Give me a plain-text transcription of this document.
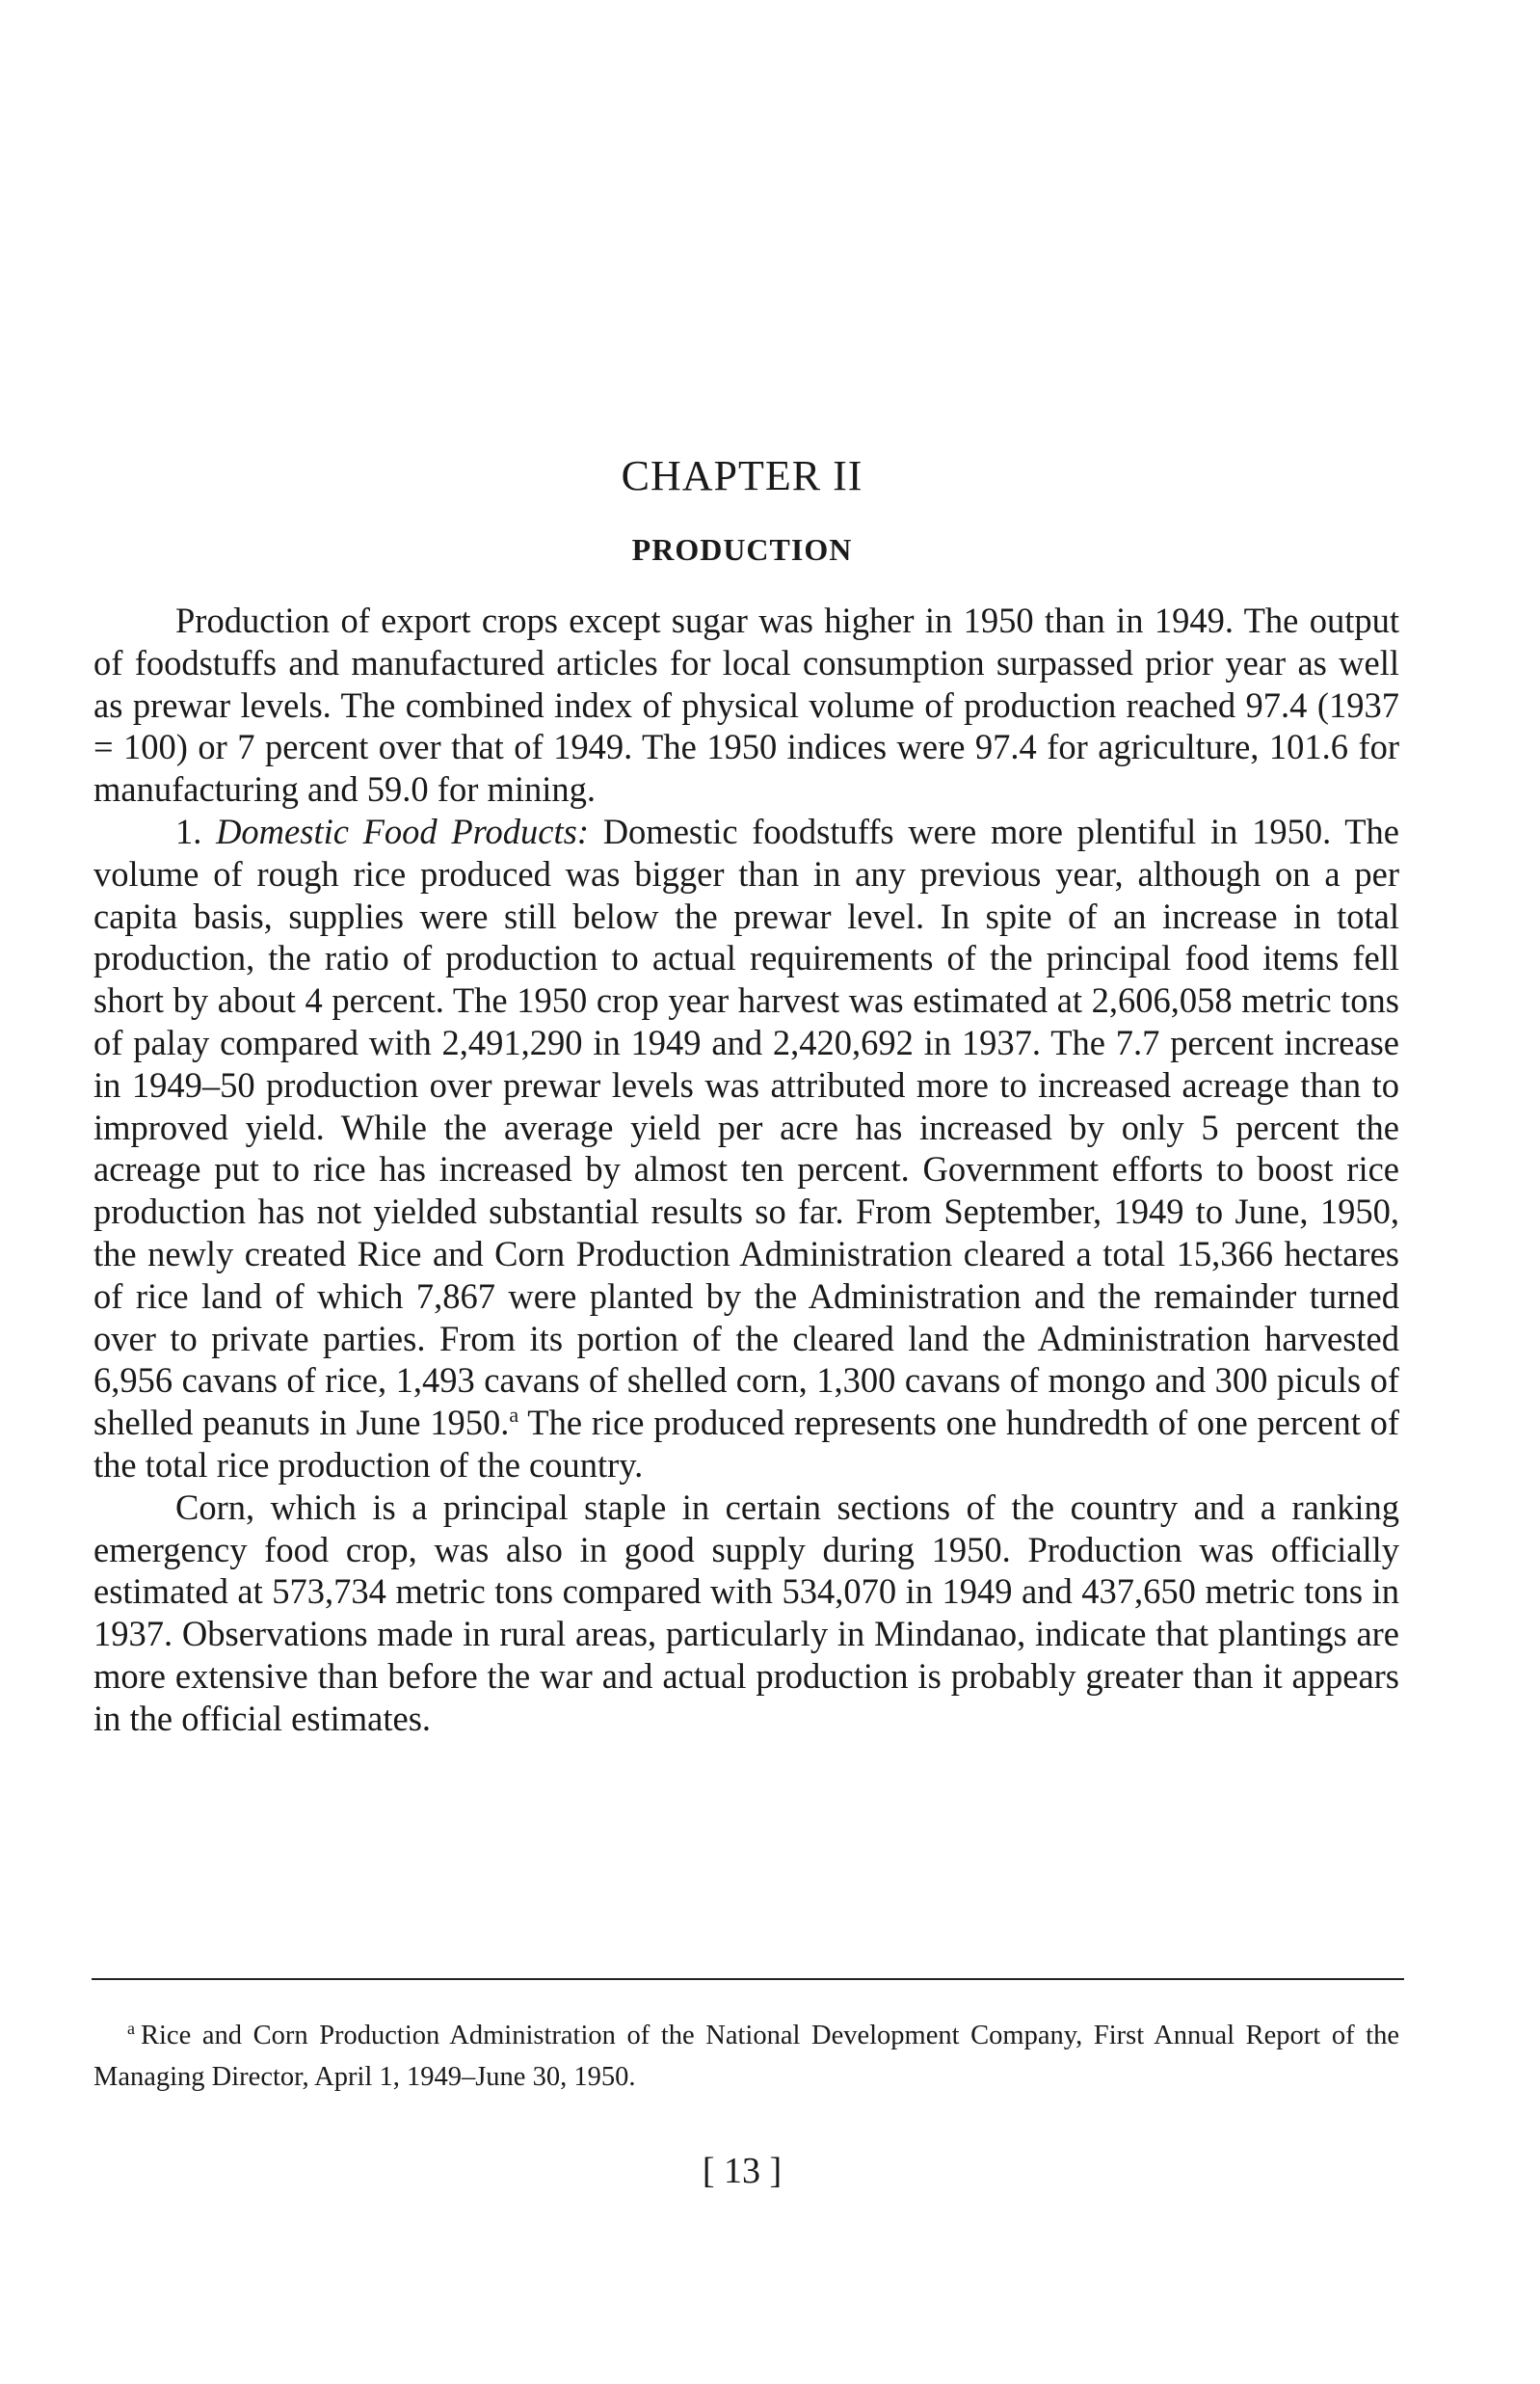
CHAPTER II
PRODUCTION

Production of export crops except sugar was higher in 1950 than in 1949. The output of foodstuffs and manufactured articles for local consumption surpassed prior year as well as prewar levels. The combined index of physical volume of production reached 97.4 (1937 = 100) or 7 percent over that of 1949. The 1950 indices were 97.4 for agriculture, 101.6 for manufacturing and 59.0 for mining.

1. Domestic Food Products: Domestic foodstuffs were more plentiful in 1950. The volume of rough rice produced was bigger than in any previous year, although on a per capita basis, supplies were still below the prewar level. In spite of an increase in total production, the ratio of production to actual requirements of the principal food items fell short by about 4 percent. The 1950 crop year harvest was estimated at 2,606,058 metric tons of palay compared with 2,491,290 in 1949 and 2,420,692 in 1937. The 7.7 percent increase in 1949–50 production over prewar levels was attributed more to increased acreage than to improved yield. While the average yield per acre has increased by only 5 percent the acreage put to rice has increased by almost ten percent. Government efforts to boost rice production has not yielded substantial results so far. From September, 1949 to June, 1950, the newly created Rice and Corn Production Administration cleared a total 15,366 hectares of rice land of which 7,867 were planted by the Administration and the remainder turned over to private parties. From its portion of the cleared land the Administration harvested 6,956 cavans of rice, 1,493 cavans of shelled corn, 1,300 cavans of mongo and 300 piculs of shelled peanuts in June 1950.$^a$ The rice produced represents one hundredth of one percent of the total rice production of the country.

Corn, which is a principal staple in certain sections of the country and a ranking emergency food crop, was also in good supply during 1950. Production was officially estimated at 573,734 metric tons compared with 534,070 in 1949 and 437,650 metric tons in 1937. Observations made in rural areas, particularly in Mindanao, indicate that plantings are more extensive than before the war and actual production is probably greater than it appears in the official estimates.

$^a$ Rice and Corn Production Administration of the National Development Company, First Annual Report of the Managing Director, April 1, 1949–June 30, 1950.

[ 13 ]
